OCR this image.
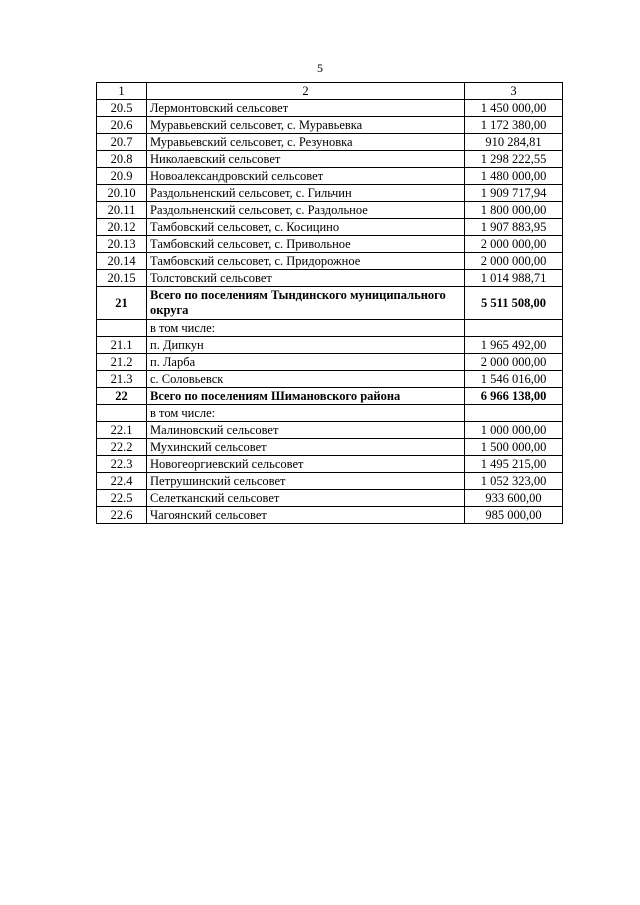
5
1	2	3
20.5	Лермонтовский сельсовет	1 450 000,00
20.6	Муравьевский сельсовет, с. Муравьевка	1 172 380,00
20.7	Муравьевский сельсовет, с. Резуновка	910 284,81
20.8	Николаевский сельсовет	1 298 222,55
20.9	Новоалександровский сельсовет	1 480 000,00
20.10	Раздольненский сельсовет, с. Гильчин	1 909 717,94
20.11	Раздольненский сельсовет, с. Раздольное	1 800 000,00
20.12	Тамбовский сельсовет, с. Косицино	1 907 883,95
20.13	Тамбовский сельсовет, с. Привольное	2 000 000,00
20.14	Тамбовский сельсовет, с. Придорожное	2 000 000,00
20.15	Толстовский сельсовет	1 014 988,71
21	Всего по поселениям Тындинского муниципального округа	5 511 508,00
	в том числе:	
21.1	п. Дипкун	1 965 492,00
21.2	п. Ларба	2 000 000,00
21.3	с. Соловьевск	1 546 016,00
22	Всего по поселениям Шимановского района	6 966 138,00
	в том числе:	
22.1	Малиновский сельсовет	1 000 000,00
22.2	Мухинский сельсовет	1 500 000,00
22.3	Новогеоргиевский сельсовет	1 495 215,00
22.4	Петрушинский сельсовет	1 052 323,00
22.5	Селетканский сельсовет	933 600,00
22.6	Чагоянский сельсовет	985 000,00
